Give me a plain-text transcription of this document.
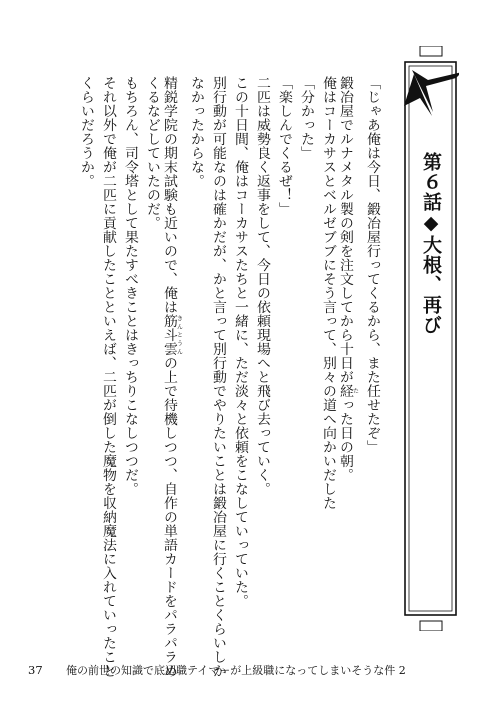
「じゃあ俺は今日、鍛冶屋行ってくるから、また任せたぞ」
鍛冶屋でルナメタル製の剣を注文してから十日が経たった日の朝。
俺はコーカサスとベルゼブブにそう言って、別々の道へ向かいだした
「分かった」
「楽しんでくるぜ！」
二匹は威勢良く返事をして、今日の依頼現場へと飛び去っていく。
この十日間、俺はコーカサスたちと一緒に、ただ淡々と依頼をこなしていっていた。
別行動が可能なのは確かだが、かと言って別行動でやりたいことは鍛冶屋に行くことくらいしか
なかったからな。
精鋭学院の期末試験も近いので、俺は筋斗雲きんとうんの上で待機しつつ、自作の単語カードをパラパラめ
くるなどしていたのだ。
もちろん、司令塔として果たすべきことはきっちりこなしつつだ。
それ以外で俺が二匹に貢献したことといえば、二匹が倒した魔物を収納魔法に入れていったこと
くらいだろうか。
第６話◆大根、再び
37 俺の前世の知識で底辺職テイマーが上級職になってしまいそうな件 2
